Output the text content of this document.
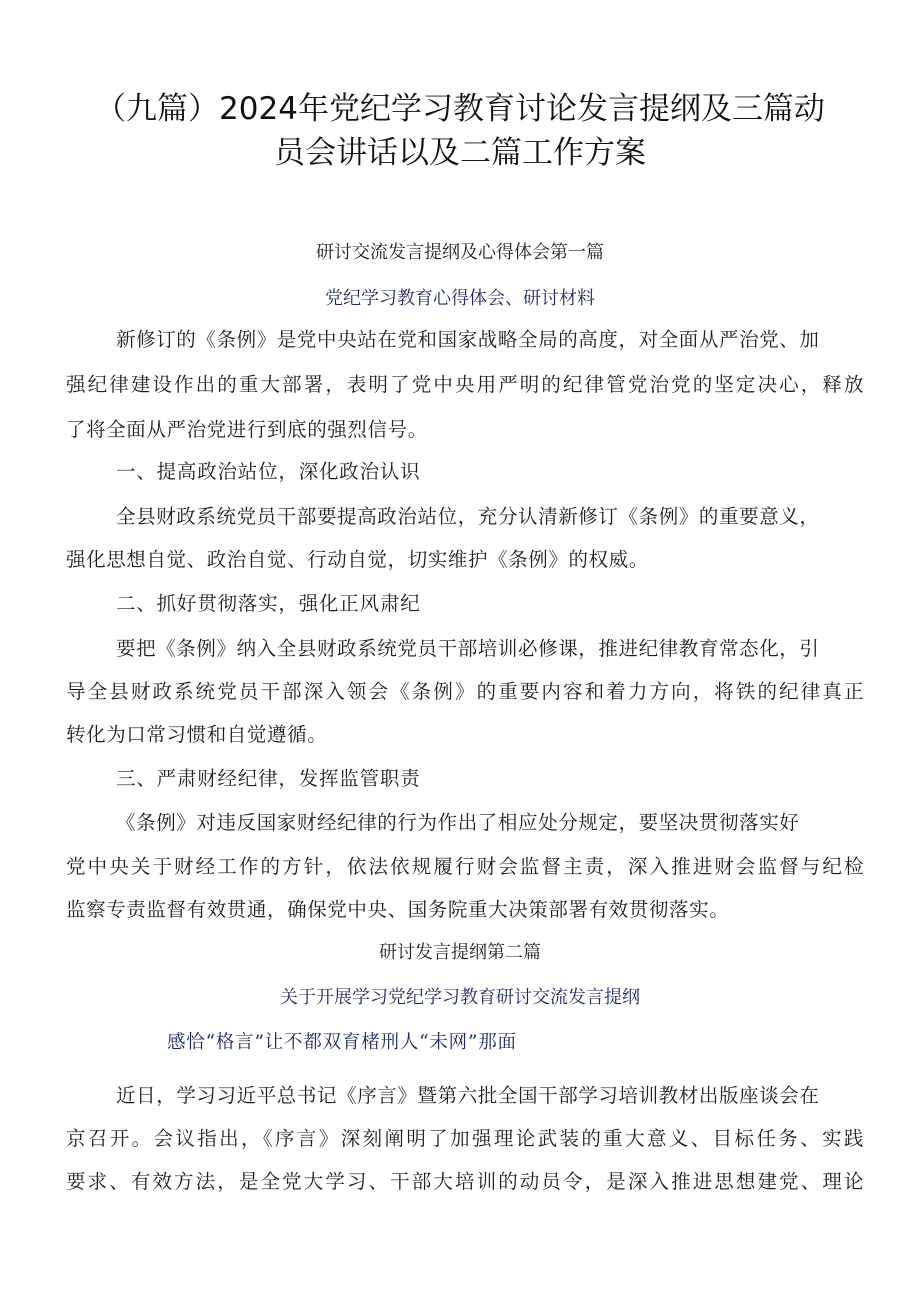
（九篇）2024年党纪学习教育讨论发言提纲及三篇动
员会讲话以及二篇工作方案

研讨交流发言提纲及心得体会第一篇

党纪学习教育心得体会、研讨材料

新修订的《条例》是党中央站在党和国家战略全局的高度，对全面从严治党、加

强纪律建设作出的重大部署，表明了党中央用严明的纪律管党治党的坚定决心，释放

了将全面从严治党进行到底的强烈信号。

一、提高政治站位，深化政治认识

全县财政系统党员干部要提高政治站位，充分认清新修订《条例》的重要意义，

强化思想自觉、政治自觉、行动自觉，切实维护《条例》的权威。

二、抓好贯彻落实，强化正风肃纪

要把《条例》纳入全县财政系统党员干部培训必修课，推进纪律教育常态化，引

导全县财政系统党员干部深入领会《条例》的重要内容和着力方向，将铁的纪律真正

转化为口常习惯和自觉遵循。

三、严肃财经纪律，发挥监管职责

《条例》对违反国家财经纪律的行为作出了相应处分规定，要坚决贯彻落实好

党中央关于财经工作的方针，依法依规履行财会监督主责，深入推进财会监督与纪检

监察专责监督有效贯通，确保党中央、国务院重大决策部署有效贯彻落实。

研讨发言提纲第二篇

关于开展学习党纪学习教育研讨交流发言提纲

感恰“格言”让不都双育楮刑人“未网”那面

近日，学习习近平总书记《序言》暨第六批全国干部学习培训教材出版座谈会在

京召开。会议指出，《序言》深刻阐明了加强理论武装的重大意义、目标任务、实践

要求、有效方法，是全党大学习、干部大培训的动员令，是深入推进思想建党、理论
